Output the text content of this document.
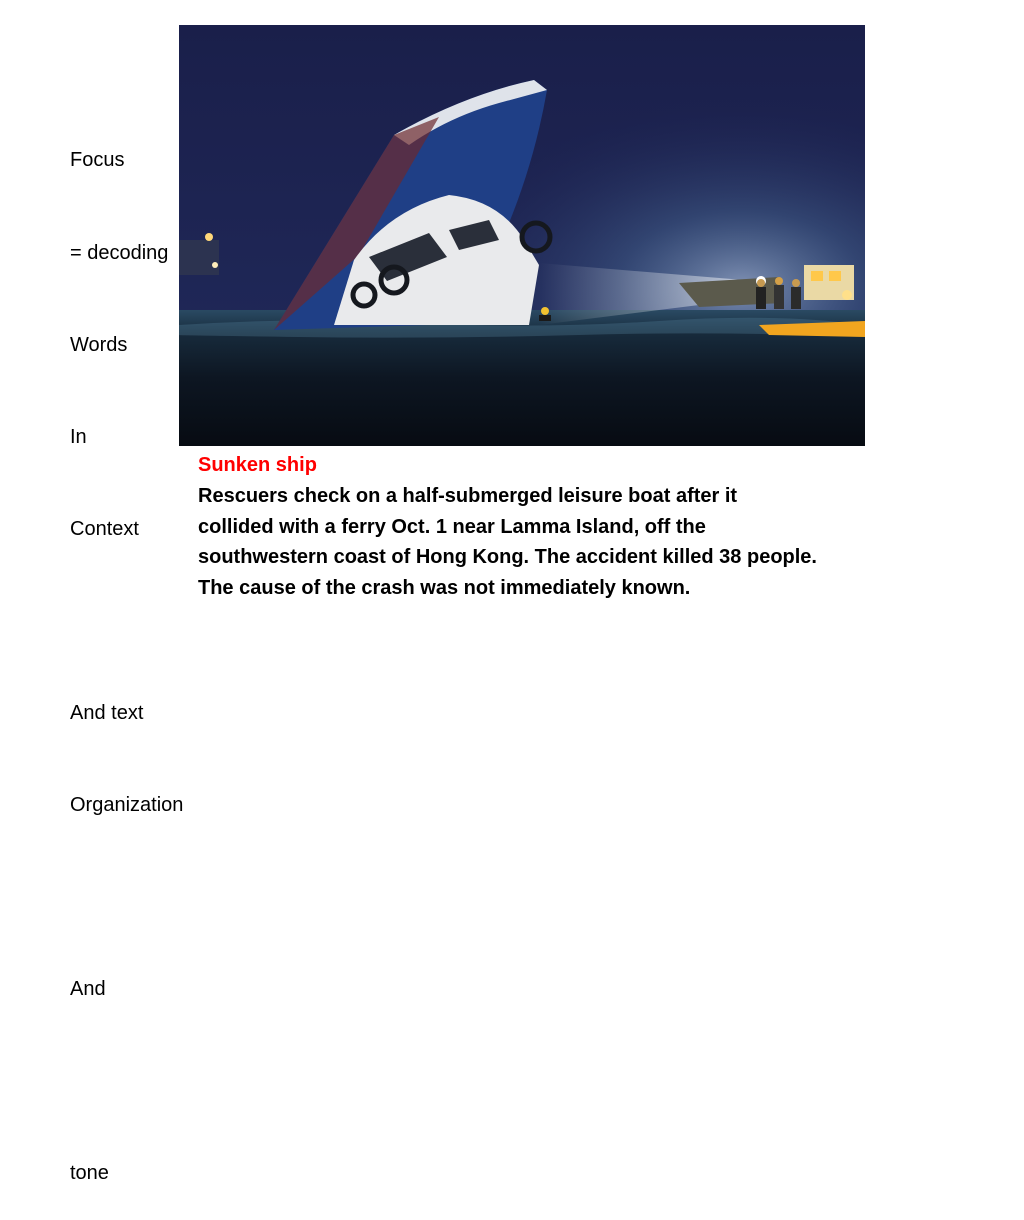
Focus

= decoding

Words

In

Context

And text

Organization

And

tone

Sunken ship
Rescuers check on a half-submerged leisure boat after it collided with a ferry Oct. 1 near Lamma Island, off the southwestern coast of Hong Kong. The accident killed 38 people. The cause of the crash was not immediately known.
